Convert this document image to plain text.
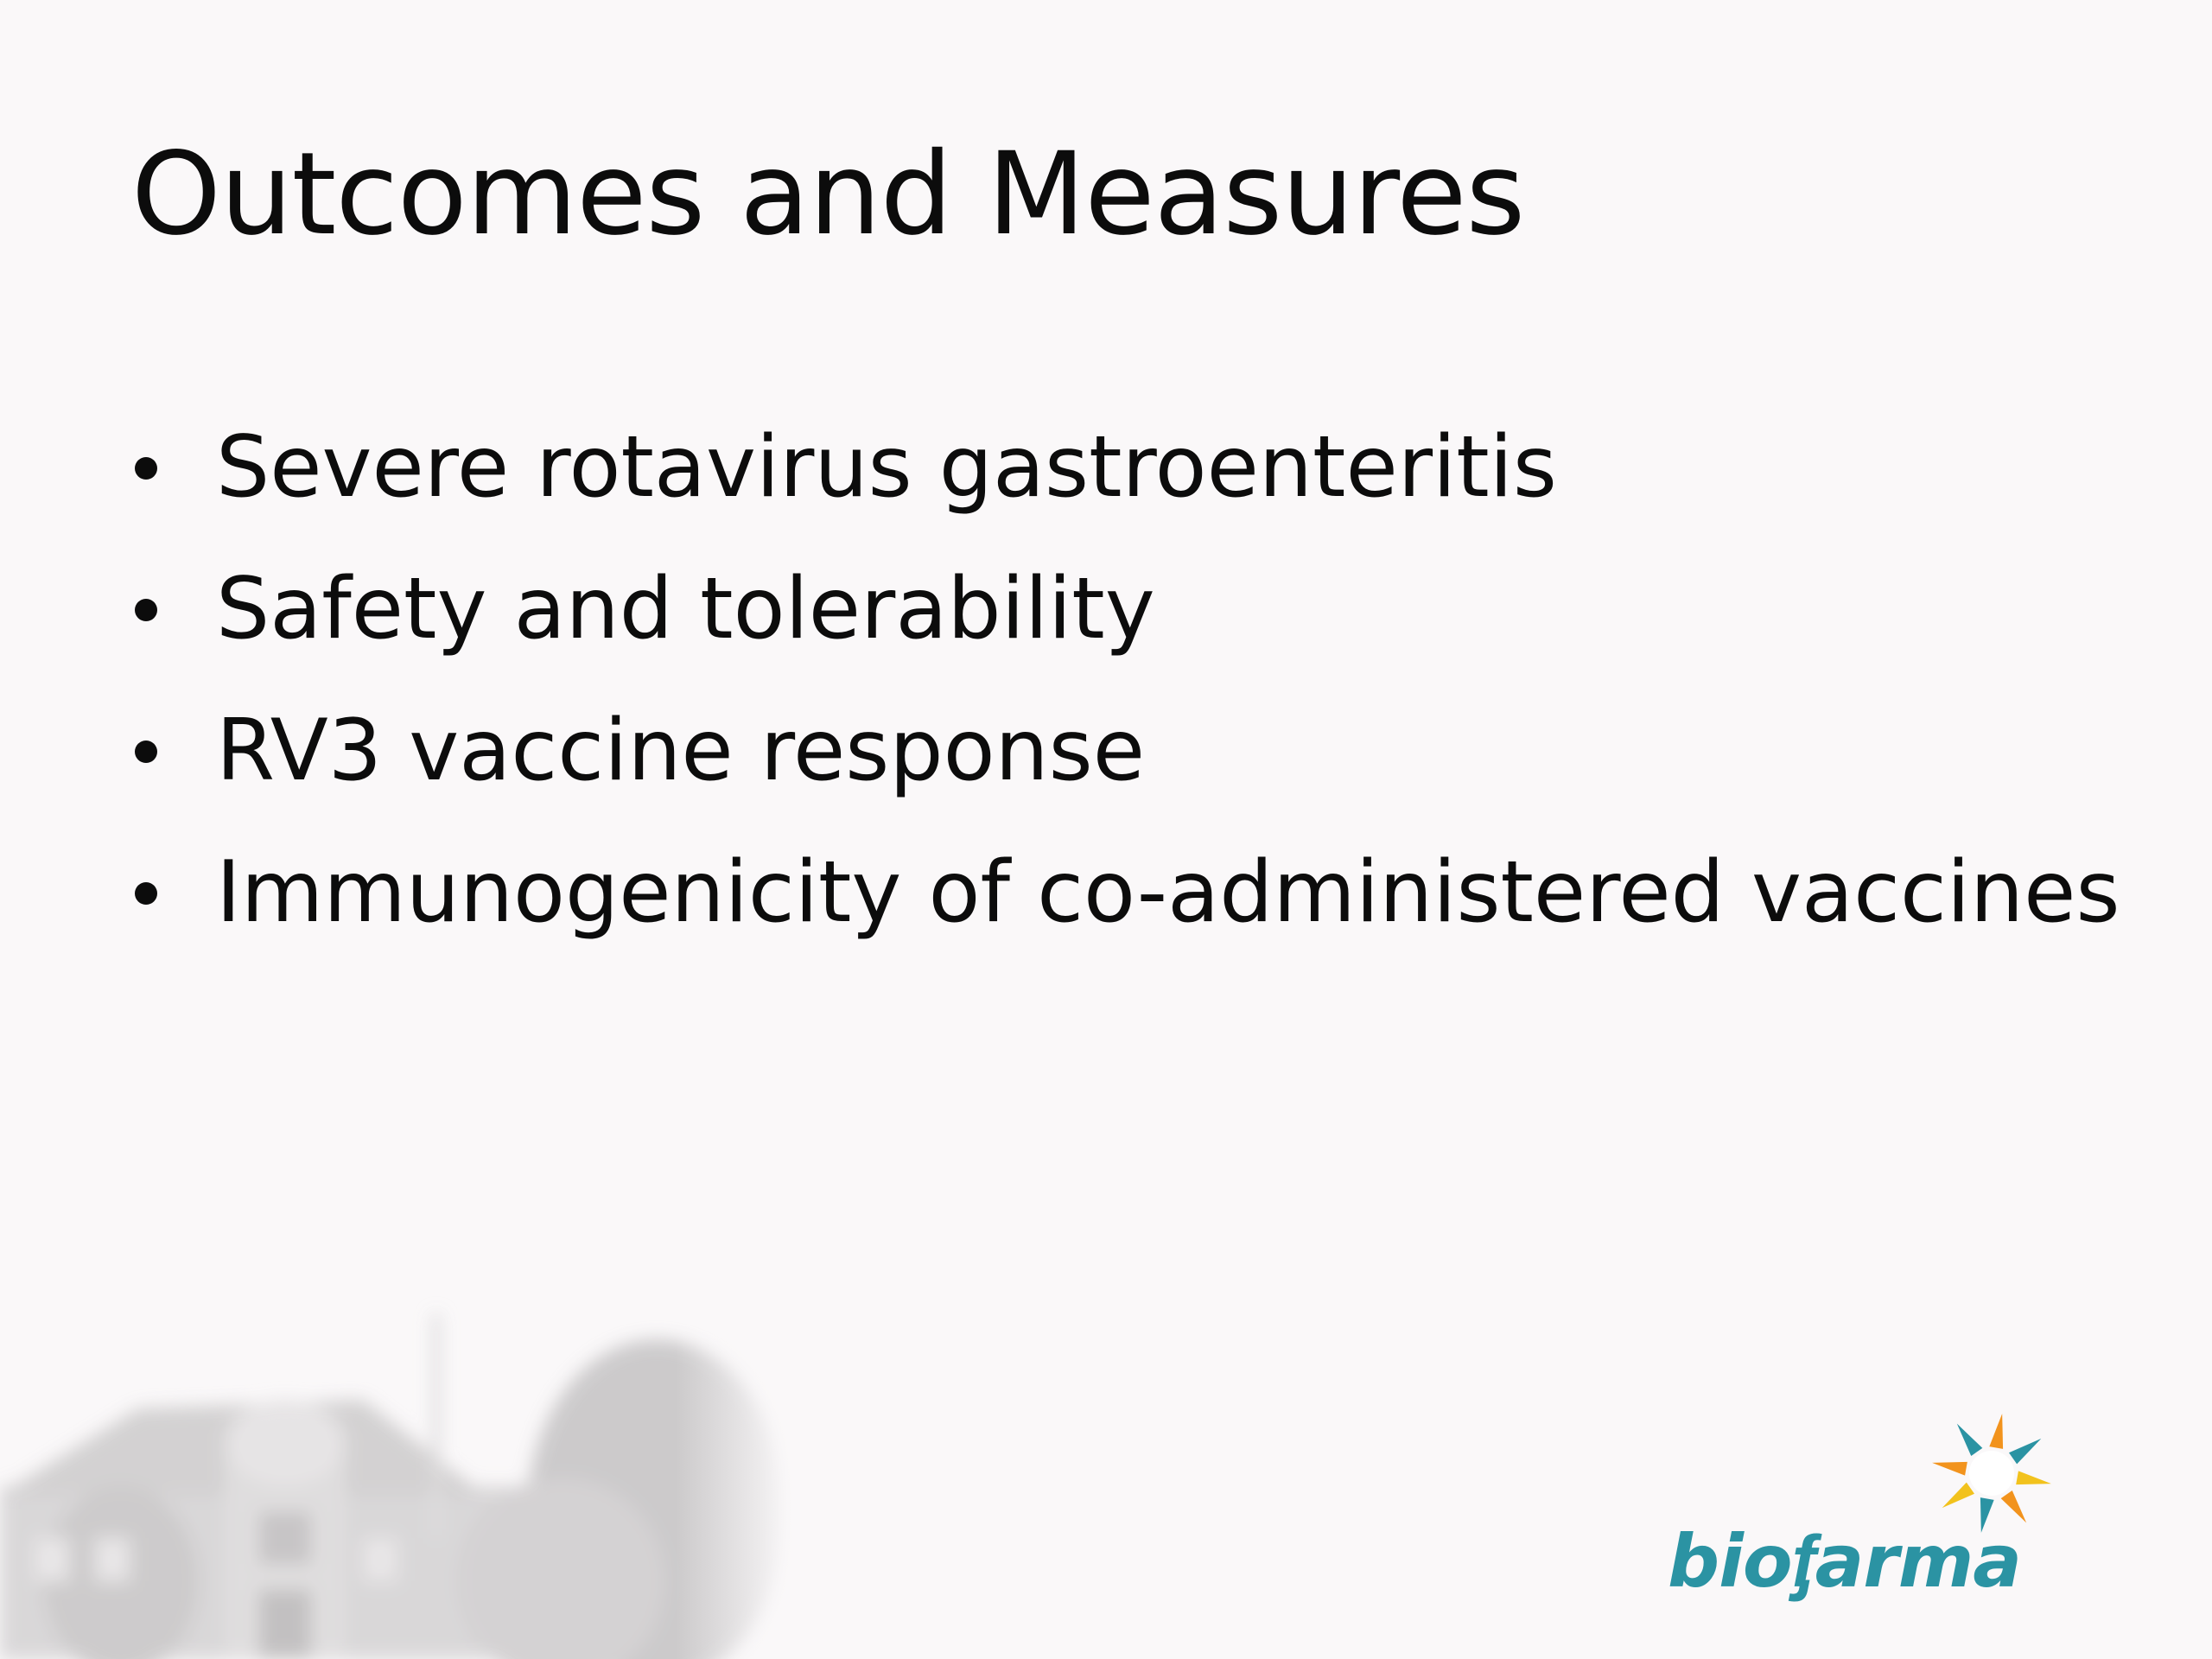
Outcomes and Measures
Severe rotavirus gastroenteritis
Safety and tolerability
RV3 vaccine response
Immunogenicity of co-administered vaccines
bioᶂarma
